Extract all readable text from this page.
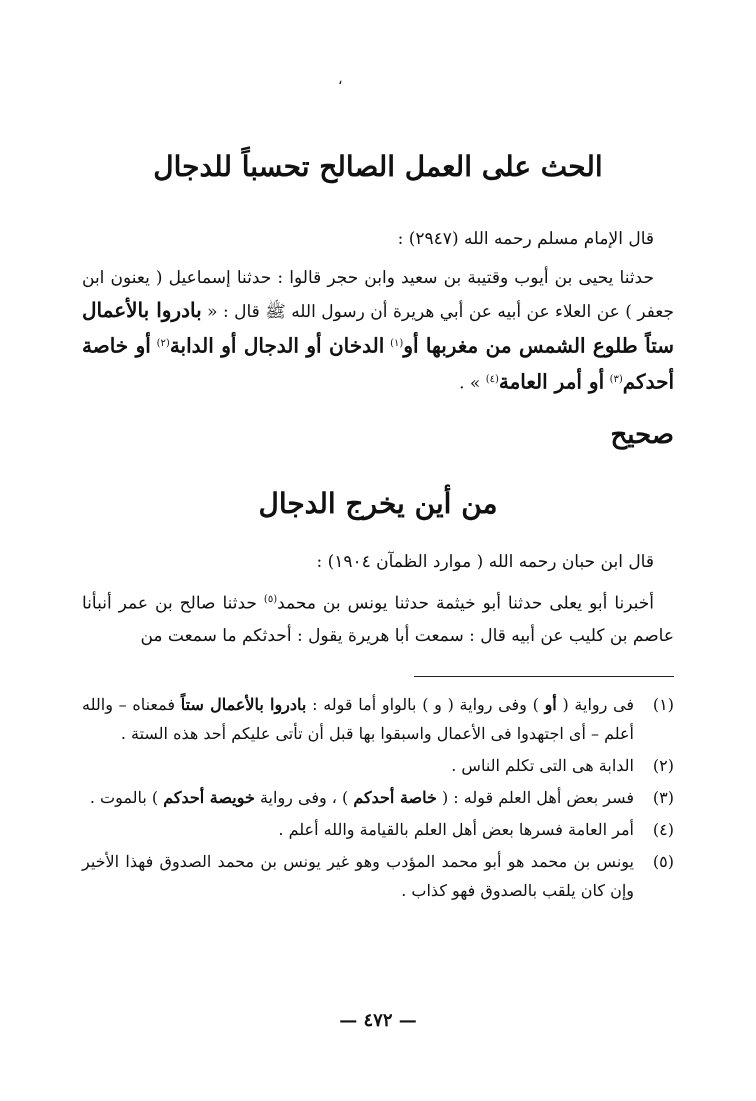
،
الحث على العمل الصالح تحسباً للدجال
قال الإمام مسلم رحمه الله (٢٩٤٧) :
حدثنا يحيى بن أيوب وقتيبة بن سعيد وابن حجر قالوا : حدثنا إسماعيل ( يعنون ابن جعفر ) عن العلاء عن أبيه عن أبي هريرة أن رسول الله ﷺ قال : « بادروا بالأعمال ستاً طلوع الشمس من مغربها أو$^{(١)}$ الدخان أو الدجال أو الدابة$^{(٢)}$ أو خاصة أحدكم$^{(٣)}$ أو أمر العامة$^{(٤)}$ » .
صحيح
من أين يخرج الدجال
قال ابن حبان رحمه الله ( موارد الظمآن ١٩٠٤) :
أخبرنا أبو يعلى حدثنا أبو خيثمة حدثنا يونس بن محمد$^{(٥)}$ حدثنا صالح بن عمر أنبأنا عاصم بن كليب عن أبيه قال : سمعت أبا هريرة يقول : أحدثكم ما سمعت من
(١)
فى رواية ( أو ) وفى رواية ( و ) بالواو أما قوله : بادروا بالأعمال ستاً فمعناه – والله أعلم – أى اجتهدوا فى الأعمال واسبقوا بها قبل أن تأتى عليكم أحد هذه الستة .
(٢)
الدابة هى التى تكلم الناس .
(٣)
فسر بعض أهل العلم قوله : ( خاصة أحدكم ) ، وفى رواية خويصة أحدكم ) بالموت .
(٤)
أمر العامة فسرها بعض أهل العلم بالقيامة والله أعلم .
(٥)
يونس بن محمد هو أبو محمد المؤدب وهو غير يونس بن محمد الصدوق فهذا الأخير وإن كان يلقب بالصدوق فهو كذاب .
— ٤٧٢ —
